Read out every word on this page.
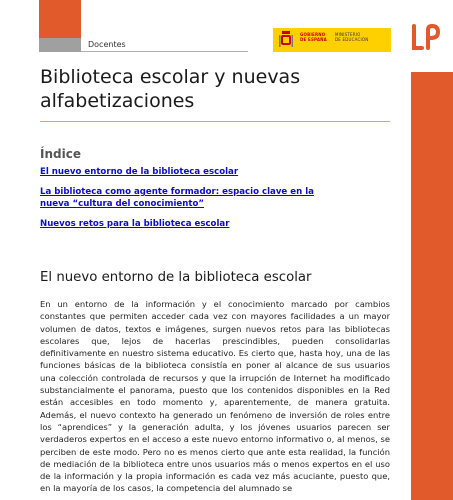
Docentes
GOBIERNO
DE ESPAÑA
MINISTERIO
DE EDUCACIÓN
Biblioteca escolar y nuevas alfabetizaciones
Índice
El nuevo entorno de la biblioteca escolar
La biblioteca como agente formador: espacio clave en la nueva “cultura del conocimiento”
Nuevos retos para la biblioteca escolar
El nuevo entorno de la biblioteca escolar

En un entorno de la información y el conocimiento marcado por cambios constantes que permiten acceder cada vez con mayores facilidades a un mayor volumen de datos, textos e imágenes, surgen nuevos retos para las bibliotecas escolares que, lejos de hacerlas prescindibles, pueden consolidarlas definitivamente en nuestro sistema educativo. Es cierto que, hasta hoy, una de las funciones básicas de la biblioteca consistía en poner al alcance de sus usuarios una colección controlada de recursos y que la irrupción de Internet ha modificado substancialmente el panorama, puesto que los contenidos disponibles en la Red están accesibles en todo momento y, aparentemente, de manera gratuita. Además, el nuevo contexto ha generado un fenómeno de inversión de roles entre los “aprendices” y la generación adulta, y los jóvenes usuarios parecen ser verdaderos expertos en el acceso a este nuevo entorno informativo o, al menos, se perciben de este modo. Pero no es menos cierto que ante esta realidad, la función de mediación de la biblioteca entre unos usuarios más o menos expertos en el uso de la información y la propia información es cada vez más acuciante, puesto que, en la mayoría de los casos, la competencia del alumnado se
